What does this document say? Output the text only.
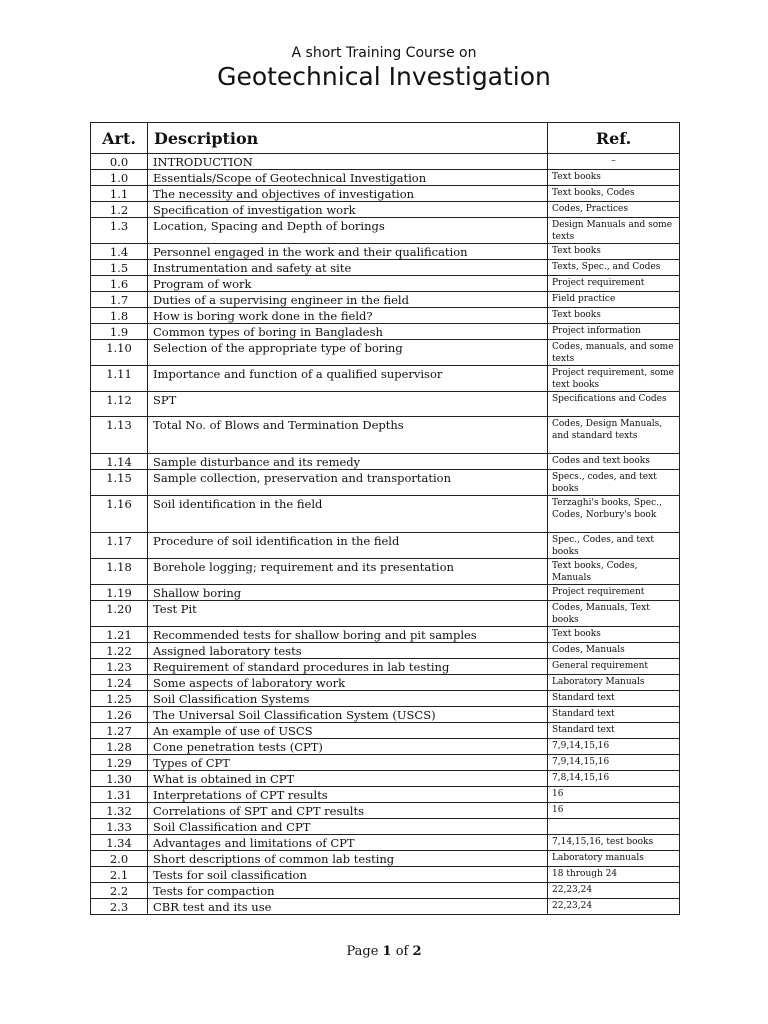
A short Training Course on
Geotechnical Investigation
Art.	Description	Ref.
0.0	INTRODUCTION	–
1.0	Essentials/Scope of Geotechnical Investigation	Text books
1.1	The necessity and objectives of investigation	Text books, Codes
1.2	Specification of investigation work	Codes, Practices
1.3	Location, Spacing and Depth of borings	Design Manuals and some texts
1.4	Personnel engaged in the work and their qualification	Text books
1.5	Instrumentation and safety at site	Texts, Spec., and Codes
1.6	Program of work	Project requirement
1.7	Duties of a supervising engineer in the field	Field practice
1.8	How is boring work done in the field?	Text books
1.9	Common types of boring in Bangladesh	Project information
1.10	Selection of the appropriate type of boring	Codes, manuals, and some texts
1.11	Importance and function of a qualified supervisor	Project requirement, some text books
1.12	SPT	Specifications and Codes
1.13	Total No. of Blows and Termination Depths	Codes, Design Manuals, and standard texts
1.14	Sample disturbance and its remedy	Codes and text books
1.15	Sample collection, preservation and transportation	Specs., codes, and text books
1.16	Soil identification in the field	Terzaghi's books, Spec., Codes, Norbury's book
1.17	Procedure of soil identification in the field	Spec., Codes, and text books
1.18	Borehole logging; requirement and its presentation	Text books, Codes, Manuals
1.19	Shallow boring	Project requirement
1.20	Test Pit	Codes, Manuals, Text books
1.21	Recommended tests for shallow boring and pit samples	Text books
1.22	Assigned laboratory tests	Codes, Manuals
1.23	Requirement of standard procedures in lab testing	General requirement
1.24	Some aspects of laboratory work	Laboratory Manuals
1.25	Soil Classification Systems	Standard text
1.26	The Universal Soil Classification System (USCS)	Standard text
1.27	An example of use of USCS	Standard text
1.28	Cone penetration tests (CPT)	7,9,14,15,16
1.29	Types of CPT	7,9,14,15,16
1.30	What is obtained in CPT	7,8,14,15,16
1.31	Interpretations of CPT results	16
1.32	Correlations of SPT and CPT results	16
1.33	Soil Classification and CPT	
1.34	Advantages and limitations of CPT	7,14,15,16, test books
2.0	Short descriptions of common lab testing	Laboratory manuals
2.1	Tests for soil classification	18 through 24
2.2	Tests for compaction	22,23,24
2.3	CBR test and its use	22,23,24
Page 1 of 2
